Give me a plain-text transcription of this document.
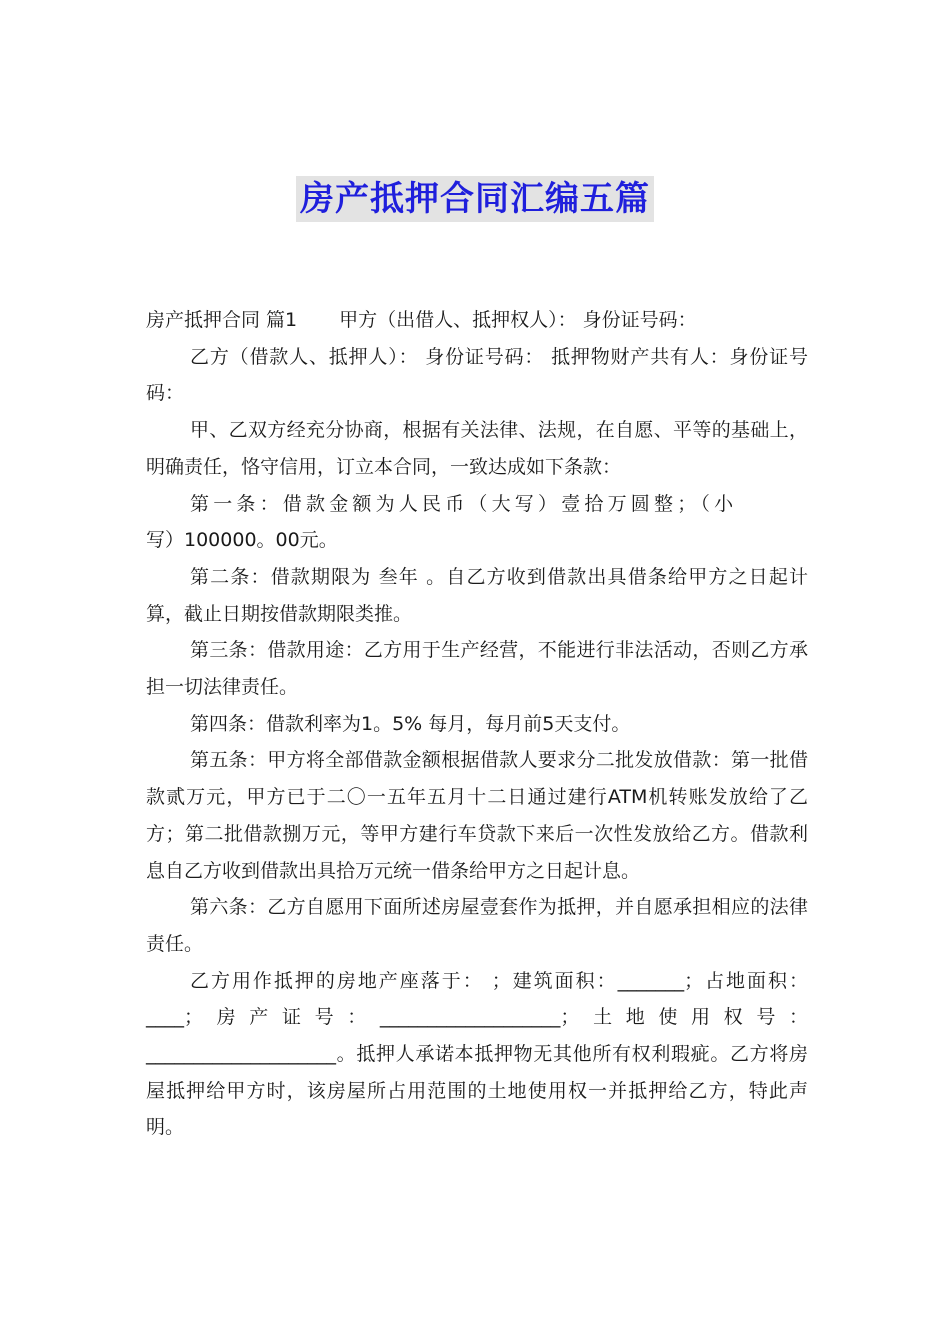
房产抵押合同汇编五篇

房产抵押合同 篇1 甲方（出借人、抵押权人）： 身份证号码：

乙方（借款人、抵押人）： 身份证号码： 抵押物财产共有人：身份证号码：

甲、乙双方经充分协商，根据有关法律、法规，在自愿、平等的基础上，明确责任，恪守信用，订立本合同，一致达成如下条款：

第一条：借款金额为人民币（大写）壹拾万圆整；（小

写）100000。00元。

第二条：借款期限为 叁年 。自乙方收到借款出具借条给甲方之日起计算，截止日期按借款期限类推。

第三条：借款用途：乙方用于生产经营，不能进行非法活动，否则乙方承担一切法律责任。

第四条：借款利率为1。5% 每月，每月前5天支付。

第五条：甲方将全部借款金额根据借款人要求分二批发放借款：第一批借款贰万元，甲方已于二〇一五年五月十二日通过建行ATM机转账发放给了乙方；第二批借款捌万元，等甲方建行车贷款下来后一次性发放给乙方。借款利息自乙方收到借款出具拾万元统一借条给甲方之日起计息。

第六条：乙方自愿用下面所述房屋壹套作为抵押，并自愿承担相应的法律责任。

乙方用作抵押的房地产座落于： ；建筑面积：_______；占地面积：____；房产证号：___________________；土地使用权号：____________________。抵押人承诺本抵押物无其他所有权利瑕疵。乙方将房屋抵押给甲方时，该房屋所占用范围的土地使用权一并抵押给乙方，特此声明。
